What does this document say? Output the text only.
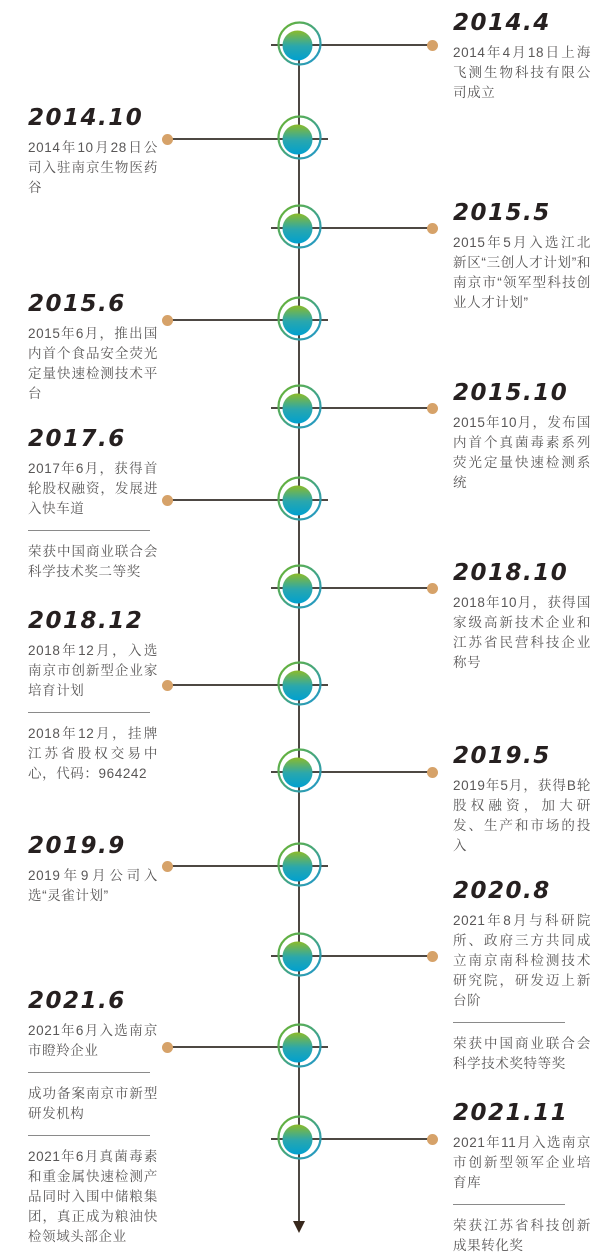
2014.4

2014年4月18日上海飞测生物科技有限公司成立

2014.10

2014年10月28日公司入驻南京生物医药谷

2015.5

2015年5月入选江北新区“三创人才计划”和南京市“领军型科技创业人才计划”

2015.6

2015年6月，推出国内首个食品安全荧光定量快速检测技术平台	2015.10

2015年10月，发布国内首个真菌毒素系列荧光定量快速检测系统

2017.6

2017年6月，获得首轮股权融资，发展进入快车道

荣获中国商业联合会科学技术奖二等奖	2018.10

2018年10月，获得国家级高新技术企业和江苏省民营科技企业称号

2018.12

2018年12月，入选南京市创新型企业家培育计划

2018年12月，挂牌江苏省股权交易中心，代码：964242

2019.5

2019年5月，获得B轮股权融资，加大研发、生产和市场的投入

2019.9

2019年9月公司入选“灵雀计划”	2020.8

2021年8月与科研院所、政府三方共同成立南京南科检测技术研究院，研发迈上新台阶

荣获中国商业联合会科学技术奖特等奖

2021.6

2021年6月入选南京市瞪羚企业

成功备案南京市新型研发机构

2021年6月真菌毒素和重金属快速检测产品同时入围中储粮集团，真正成为粮油快检领域头部企业

2021.11

2021年11月入选南京市创新型领军企业培育库

荣获江苏省科技创新成果转化奖
